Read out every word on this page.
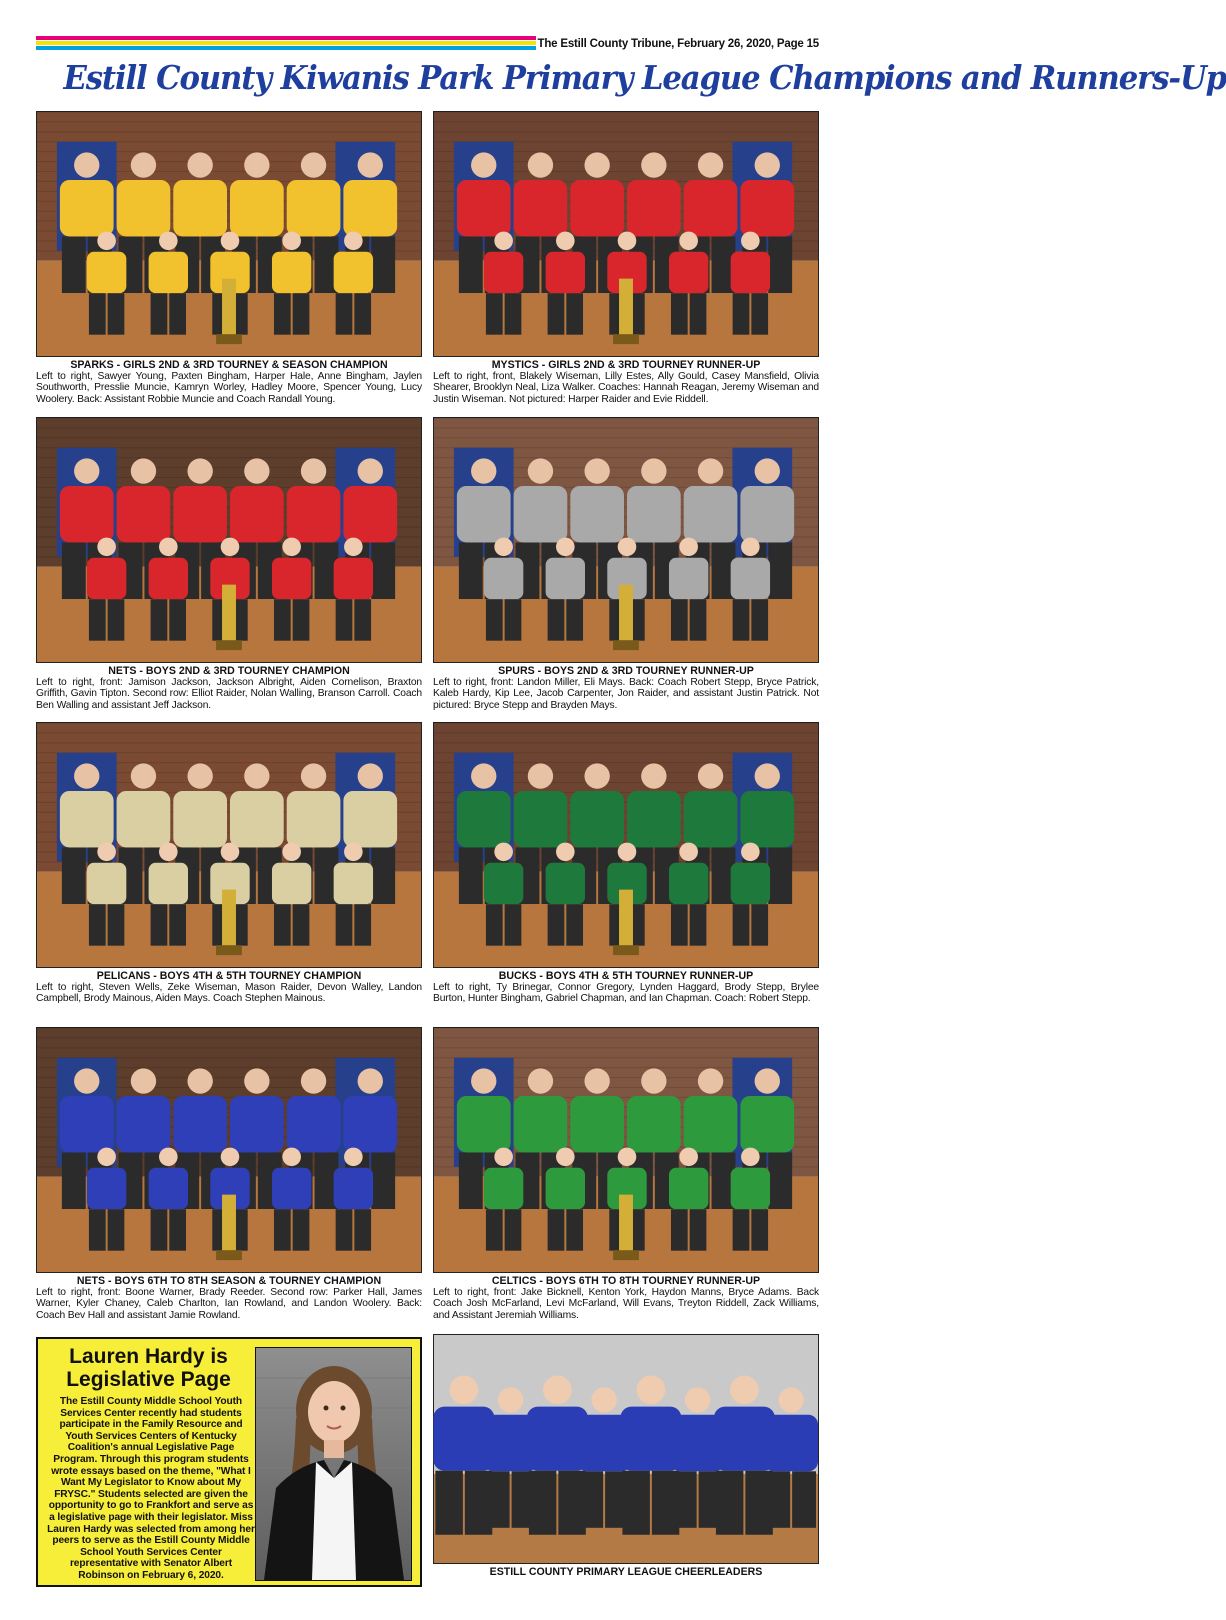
The Estill County Tribune, February 26, 2020, Page 15
Estill County Kiwanis Park Primary League Champions and Runners-Up
SPARKS - GIRLS 2ND & 3RD TOURNEY & SEASON CHAMPION
Left to right, Sawyer Young, Paxten Bingham, Harper Hale, Anne Bingham, Jaylen Southworth, Presslie Muncie, Kamryn Worley, Hadley Moore, Spencer Young, Lucy Woolery. Back: Assistant Robbie Muncie and Coach Randall Young.
MYSTICS - GIRLS 2ND & 3RD TOURNEY RUNNER-UP
Left to right, front, Blakely Wiseman, Lilly Estes, Ally Gould, Casey Mansfield, Olivia Shearer, Brooklyn Neal, Liza Walker. Coaches: Hannah Reagan, Jeremy Wiseman and Justin Wiseman. Not pictured: Harper Raider and Evie Riddell.
NETS - BOYS 2ND & 3RD TOURNEY CHAMPION
Left to right, front: Jamison Jackson, Jackson Albright, Aiden Cornelison, Braxton Griffith, Gavin Tipton. Second row: Elliot Raider, Nolan Walling, Branson Carroll. Coach Ben Walling and assistant Jeff Jackson.
SPURS - BOYS 2ND & 3RD TOURNEY RUNNER-UP
Left to right, front: Landon Miller, Eli Mays. Back: Coach Robert Stepp, Bryce Patrick, Kaleb Hardy, Kip Lee, Jacob Carpenter, Jon Raider, and assistant Justin Patrick. Not pictured: Bryce Stepp and Brayden Mays.
PELICANS - BOYS 4TH & 5TH TOURNEY CHAMPION
Left to right, Steven Wells, Zeke Wiseman, Mason Raider, Devon Walley, Landon Campbell, Brody Mainous, Aiden Mays. Coach Stephen Mainous.
BUCKS - BOYS 4TH & 5TH TOURNEY RUNNER-UP
Left to right, Ty Brinegar, Connor Gregory, Lynden Haggard, Brody Stepp, Brylee Burton, Hunter Bingham, Gabriel Chapman, and Ian Chapman. Coach: Robert Stepp.
NETS - BOYS 6TH TO 8TH SEASON & TOURNEY CHAMPION
Left to right, front: Boone Warner, Brady Reeder. Second row: Parker Hall, James Warner, Kyler Chaney, Caleb Charlton, Ian Rowland, and Landon Woolery. Back: Coach Bev Hall and assistant Jamie Rowland.
CELTICS - BOYS 6TH TO 8TH TOURNEY RUNNER-UP
Left to right, front: Jake Bicknell, Kenton York, Haydon Manns, Bryce Adams. Back Coach Josh McFarland, Levi McFarland, Will Evans, Treyton Riddell, Zack Williams, and Assistant Jeremiah Williams.
Lauren Hardy is Legislative Page
The Estill County Middle School Youth Services Center recently had students participate in the Family Resource and Youth Services Centers of Kentucky Coalition's annual Legislative Page Program. Through this program students wrote essays based on the theme, "What I Want My Legislator to Know about My FRYSC." Students selected are given the opportunity to go to Frankfort and serve as a legislative page with their legislator. Miss Lauren Hardy was selected from among her peers to serve as the Estill County Middle School Youth Services Center representative with Senator Albert Robinson on February 6, 2020.	ESTILL COUNTY PRIMARY LEAGUE CHEERLEADERS
